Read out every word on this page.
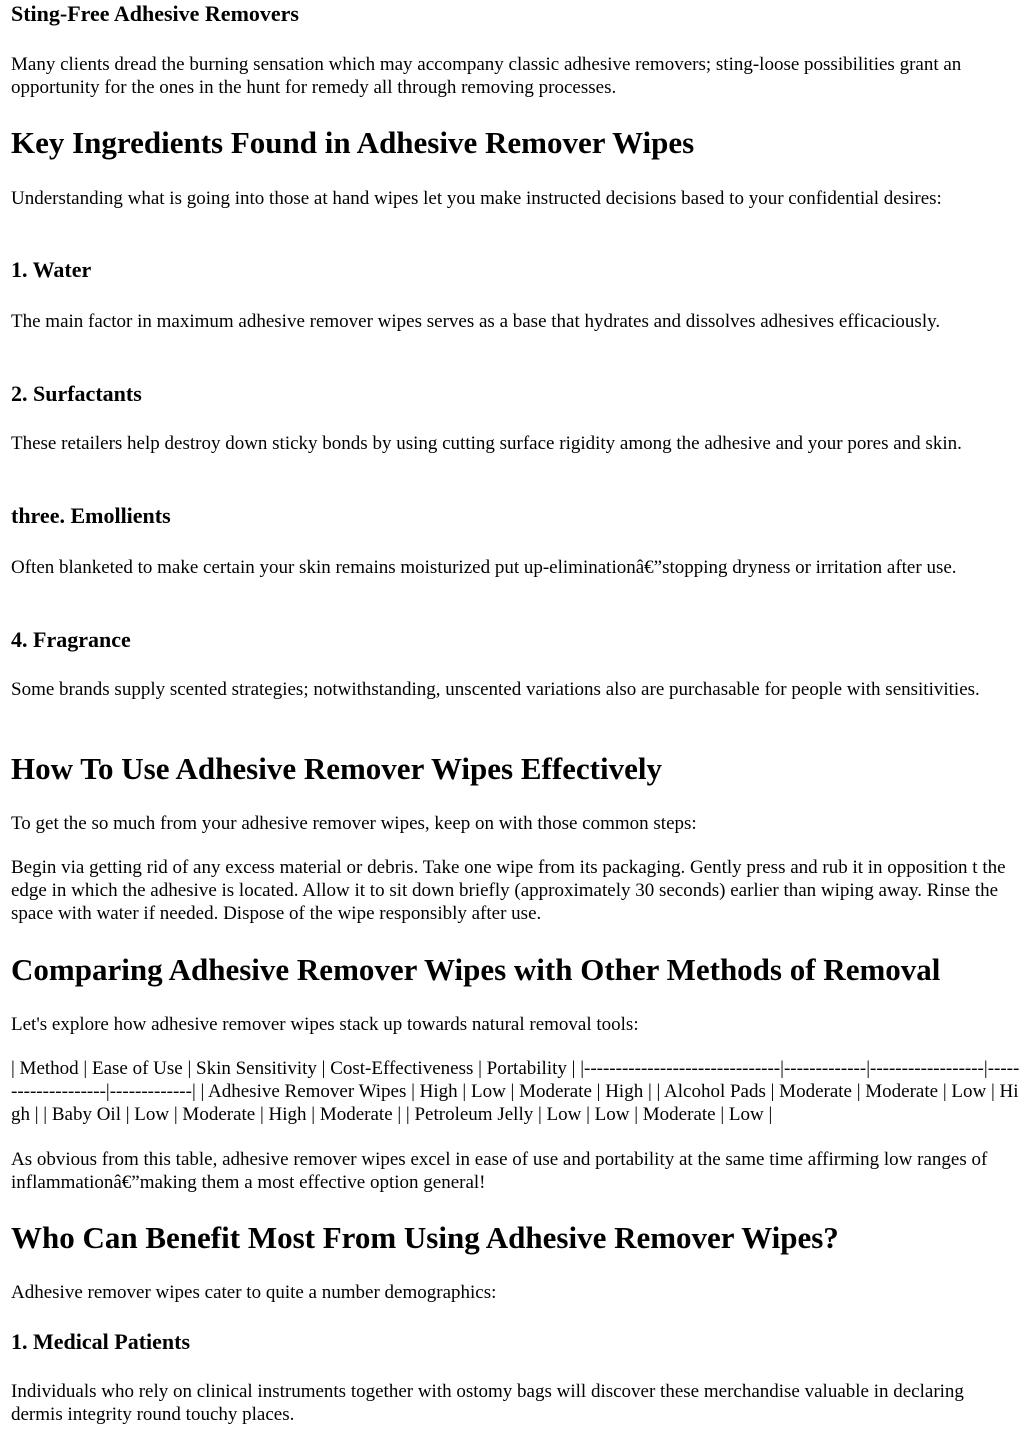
Sting-Free Adhesive Removers

Many clients dread the burning sensation which may accompany classic adhesive removers; sting-loose possibilities grant an opportunity for the ones in the hunt for remedy all through removing processes.

Key Ingredients Found in Adhesive Remover Wipes

Understanding what is going into those at hand wipes let you make instructed decisions based to your confidential desires:

1. Water

The main factor in maximum adhesive remover wipes serves as a base that hydrates and dissolves adhesives efficaciously.

2. Surfactants

These retailers help destroy down sticky bonds by using cutting surface rigidity among the adhesive and your pores and skin.

three. Emollients

Often blanketed to make certain your skin remains moisturized put up-eliminationâ€”stopping dryness or irritation after use.

4. Fragrance

Some brands supply scented strategies; notwithstanding, unscented variations also are purchasable for people with sensitivities.

How To Use Adhesive Remover Wipes Effectively

To get the so much from your adhesive remover wipes, keep on with those common steps:

Begin via getting rid of any excess material or debris. Take one wipe from its packaging. Gently press and rub it in opposition t the edge in which the adhesive is located. Allow it to sit down briefly (approximately 30 seconds) earlier than wiping away. Rinse the space with water if needed. Dispose of the wipe responsibly after use.

Comparing Adhesive Remover Wipes with Other Methods of Removal

Let's explore how adhesive remover wipes stack up towards natural removal tools:

| Method | Ease of Use | Skin Sensitivity | Cost-Effectiveness | Portability | |-------------------------------|-------------|------------------|--------------------|-------------| | Adhesive Remover Wipes | High | Low | Moderate | High | | Alcohol Pads | Moderate | Moderate | Low | High | | Baby Oil | Low | Moderate | High | Moderate | | Petroleum Jelly | Low | Low | Moderate | Low |

As obvious from this table, adhesive remover wipes excel in ease of use and portability at the same time affirming low ranges of inflammationâ€”making them a most effective option general!

Who Can Benefit Most From Using Adhesive Remover Wipes?

Adhesive remover wipes cater to quite a number demographics:

1. Medical Patients

Individuals who rely on clinical instruments together with ostomy bags will discover these merchandise valuable in declaring dermis integrity round touchy places.
